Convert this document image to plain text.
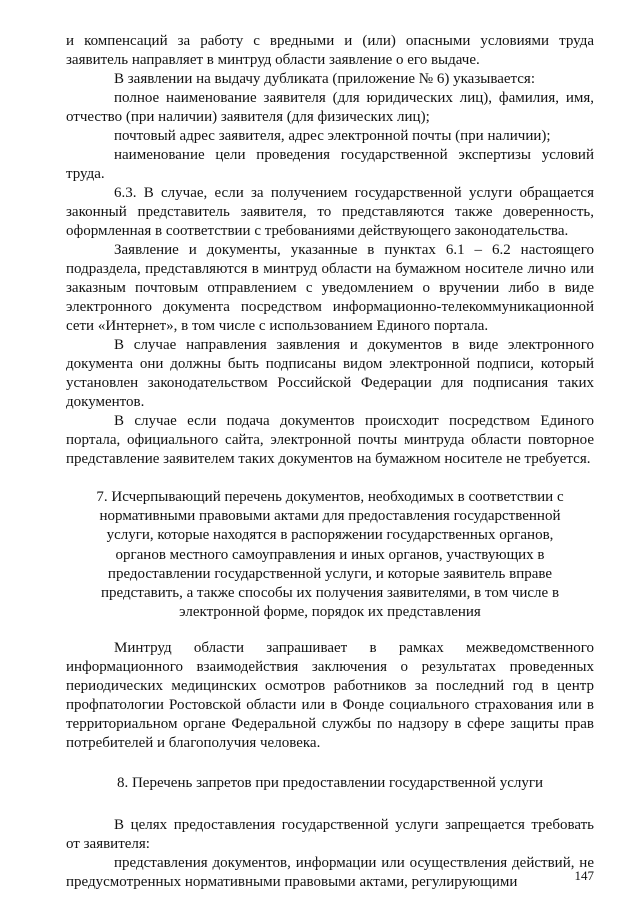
и компенсаций за работу с вредными и (или) опасными условиями труда заявитель направляет в минтруд области заявление о его выдаче.

В заявлении на выдачу дубликата (приложение № 6) указывается:

полное наименование заявителя (для юридических лиц), фамилия, имя, отчество (при наличии) заявителя (для физических лиц);

почтовый адрес заявителя, адрес электронной почты (при наличии);

наименование цели проведения государственной экспертизы условий труда.

6.3. В случае, если за получением государственной услуги обращается законный представитель заявителя, то представляются также доверенность, оформленная в соответствии с требованиями действующего законодательства.

Заявление и документы, указанные в пунктах 6.1 – 6.2 настоящего подраздела, представляются в минтруд области на бумажном носителе лично или заказным почтовым отправлением с уведомлением о вручении либо в виде электронного документа посредством информационно-телекоммуникационной сети «Интернет», в том числе с использованием Единого портала.

В случае направления заявления и документов в виде электронного документа они должны быть подписаны видом электронной подписи, который установлен законодательством Российской Федерации для подписания таких документов.

В случае если подача документов происходит посредством Единого портала, официального сайта, электронной почты минтруда области повторное представление заявителем таких документов на бумажном носителе не требуется.

7. Исчерпывающий перечень документов, необходимых в соответствии с нормативными правовыми актами для предоставления государственной услуги, которые находятся в распоряжении государственных органов, органов местного самоуправления и иных органов, участвующих в предоставлении государственной услуги, и которые заявитель вправе представить, а также способы их получения заявителями, в том числе в электронной форме, порядок их представления

Минтруд области запрашивает в рамках межведомственного информационного взаимодействия заключения о результатах проведенных периодических медицинских осмотров работников за последний год в центр профпатологии Ростовской области или в Фонде социального страхования или в территориальном органе Федеральной службы по надзору в сфере защиты прав потребителей и благополучия человека.

8. Перечень запретов при предоставлении государственной услуги

В целях предоставления государственной услуги запрещается требовать от заявителя:

представления документов, информации или осуществления действий, не предусмотренных нормативными правовыми актами, регулирующими	147
